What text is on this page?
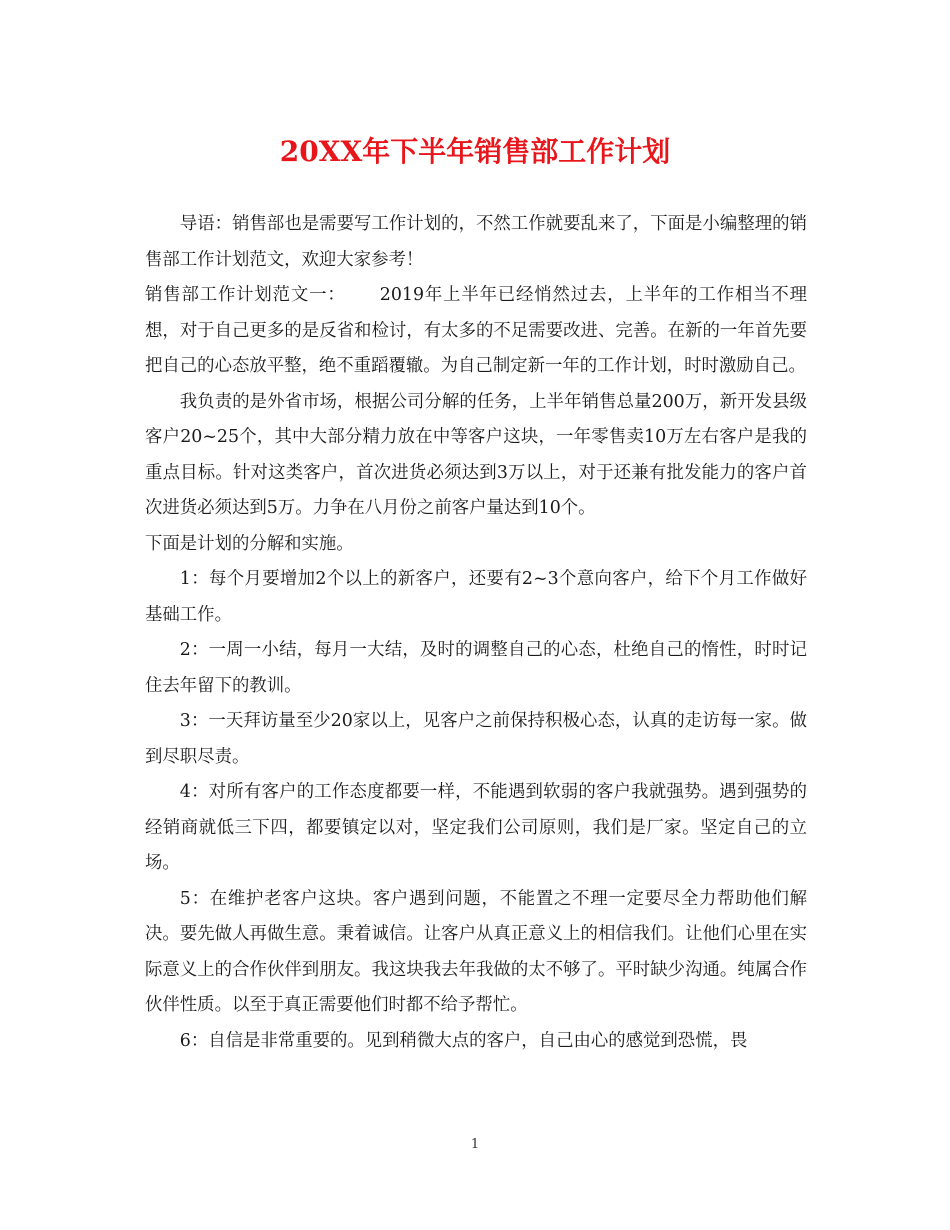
20XX年下半年销售部工作计划

导语：销售部也是需要写工作计划的，不然工作就要乱来了，下面是小编整理的销售部工作计划范文，欢迎大家参考！

销售部工作计划范文一：　　 2019年上半年已经悄然过去，上半年的工作相当不理想，对于自己更多的是反省和检讨，有太多的不足需要改进、完善。在新的一年首先要把自己的心态放平整，绝不重蹈覆辙。为自己制定新一年的工作计划，时时激励自己。

我负责的是外省市场，根据公司分解的任务，上半年销售总量200万，新开发县级客户20~25个，其中大部分精力放在中等客户这块，一年零售卖10万左右客户是我的重点目标。针对这类客户，首次进货必须达到3万以上，对于还兼有批发能力的客户首次进货必须达到5万。力争在八月份之前客户量达到10个。

下面是计划的分解和实施。

1：每个月要增加2个以上的新客户，还要有2~3个意向客户，给下个月工作做好基础工作。

2：一周一小结，每月一大结，及时的调整自己的心态，杜绝自己的惰性，时时记住去年留下的教训。

3：一天拜访量至少20家以上，见客户之前保持积极心态，认真的走访每一家。做到尽职尽责。

4：对所有客户的工作态度都要一样，不能遇到软弱的客户我就强势。遇到强势的经销商就低三下四，都要镇定以对，坚定我们公司原则，我们是厂家。坚定自己的立场。

5：在维护老客户这块。客户遇到问题，不能置之不理一定要尽全力帮助他们解决。要先做人再做生意。秉着诚信。让客户从真正意义上的相信我们。让他们心里在实际意义上的合作伙伴到朋友。我这块我去年我做的太不够了。平时缺少沟通。纯属合作伙伴性质。以至于真正需要他们时都不给予帮忙。

6：自信是非常重要的。见到稍微大点的客户，自己由心的感觉到恐慌，畏

1
